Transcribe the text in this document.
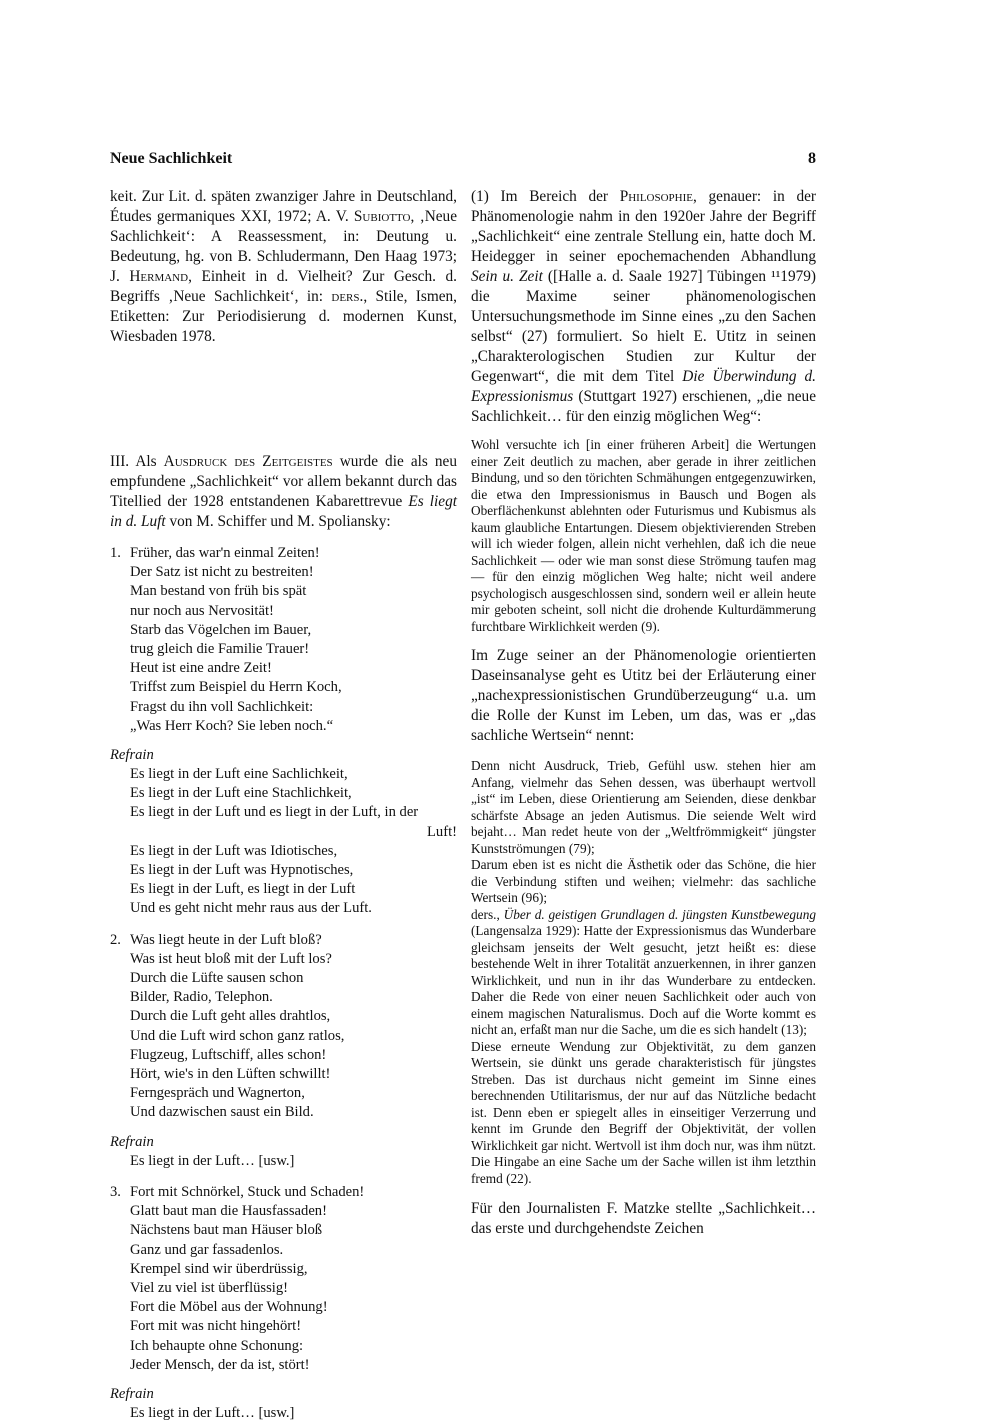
Neue Sachlichkeit	8

keit. Zur Lit. d. späten zwanziger Jahre in Deutschland, Études germaniques XXI, 1972; A. V. Subiotto, ‚Neue Sachlichkeit‘: A Reassessment, in: Deutung u. Bedeutung, hg. von B. Schludermann, Den Haag 1973; J. Hermand, Einheit in d. Vielheit? Zur Gesch. d. Begriffs ‚Neue Sachlichkeit‘, in: ders., Stile, Ismen, Etiketten: Zur Periodisierung d. modernen Kunst, Wiesbaden 1978.

III. Als Ausdruck des Zeitgeistes wurde die als neu empfundene „Sachlichkeit“ vor allem bekannt durch das Titellied der 1928 entstandenen Kabarettrevue Es liegt in d. Luft von M. Schiffer und M. Spoliansky:

1. Früher, das war'n einmal Zeiten!
Der Satz ist nicht zu bestreiten!
Man bestand von früh bis spät
nur noch aus Nervosität!
Starb das Vögelchen im Bauer,
trug gleich die Familie Trauer!
Heut ist eine andre Zeit!
Triffst zum Beispiel du Herrn Koch,
Fragst du ihn voll Sachlichkeit:
„Was Herr Koch? Sie leben noch.“
Refrain
Es liegt in der Luft eine Sachlichkeit,
Es liegt in der Luft eine Stachlichkeit,
Es liegt in der Luft und es liegt in der Luft, in der
Luft!
Es liegt in der Luft was Idiotisches,
Es liegt in der Luft was Hypnotisches,
Es liegt in der Luft, es liegt in der Luft
Und es geht nicht mehr raus aus der Luft.
2. Was liegt heute in der Luft bloß?
Was ist heut bloß mit der Luft los?
Durch die Lüfte sausen schon
Bilder, Radio, Telephon.
Durch die Luft geht alles drahtlos,
Und die Luft wird schon ganz ratlos,
Flugzeug, Luftschiff, alles schon!
Hört, wie's in den Lüften schwillt!
Ferngespräch und Wagnerton,
Und dazwischen saust ein Bild.
Refrain
Es liegt in der Luft… [usw.]
3. Fort mit Schnörkel, Stuck und Schaden!
Glatt baut man die Hausfassaden!
Nächstens baut man Häuser bloß
Ganz und gar fassadenlos.
Krempel sind wir überdrüssig,
Viel zu viel ist überflüssig!
Fort die Möbel aus der Wohnung!
Fort mit was nicht hingehört!
Ich behaupte ohne Schonung:
Jeder Mensch, der da ist, stört!
Refrain
Es liegt in der Luft… [usw.]

(1) Im Bereich der Philosophie, genauer: in der Phänomenologie nahm in den 1920er Jahre der Begriff „Sachlichkeit“ eine zentrale Stellung ein, hatte doch M. Heidegger in seiner epochemachenden Abhandlung Sein u. Zeit ([Halle a. d. Saale 1927] Tübingen ¹¹1979) die Maxime seiner phänomenologischen Untersuchungsmethode im Sinne eines „zu den Sachen selbst“ (27) formuliert. So hielt E. Utitz in seinen „Charakterologischen Studien zur Kultur der Gegenwart“, die mit dem Titel Die Überwindung d. Expressionismus (Stuttgart 1927) erschienen, „die neue Sachlichkeit… für den einzig möglichen Weg“:

Wohl versuchte ich [in einer früheren Arbeit] die Wertungen einer Zeit deutlich zu machen, aber gerade in ihrer zeitlichen Bindung, und so den törichten Schmähungen entgegenzuwirken, die etwa den Impressionismus in Bausch und Bogen als Oberflächenkunst ablehnten oder Futurismus und Kubismus als kaum glaubliche Entartungen. Diesem objektivierenden Streben will ich wieder folgen, allein nicht verhehlen, daß ich die neue Sachlichkeit — oder wie man sonst diese Strömung taufen mag — für den einzig möglichen Weg halte; nicht weil andere psychologisch ausgeschlossen sind, sondern weil er allein heute mir geboten scheint, soll nicht die drohende Kulturdämmerung furchtbare Wirklichkeit werden (9).

Im Zuge seiner an der Phänomenologie orientierten Daseinsanalyse geht es Utitz bei der Erläuterung einer „nachexpressionistischen Grundüberzeugung“ u.a. um die Rolle der Kunst im Leben, um das, was er „das sachliche Wertsein“ nennt:

Denn nicht Ausdruck, Trieb, Gefühl usw. stehen hier am Anfang, vielmehr das Sehen dessen, was überhaupt wertvoll „ist“ im Leben, diese Orientierung am Seienden, diese denkbar schärfste Absage an jeden Autismus. Die seiende Welt wird bejaht… Man redet heute von der „Weltfrömmigkeit“ jüngster Kunstströmungen (79);

Darum eben ist es nicht die Ästhetik oder das Schöne, die hier die Verbindung stiften und weihen; vielmehr: das sachliche Wertsein (96);

ders., Über d. geistigen Grundlagen d. jüngsten Kunstbewegung (Langensalza 1929): Hatte der Expressionismus das Wunderbare gleichsam jenseits der Welt gesucht, jetzt heißt es: diese bestehende Welt in ihrer Totalität anzuerkennen, in ihrer ganzen Wirklichkeit, und nun in ihr das Wunderbare zu entdecken. Daher die Rede von einer neuen Sachlichkeit oder auch von einem magischen Naturalismus. Doch auf die Worte kommt es nicht an, erfaßt man nur die Sache, um die es sich handelt (13);

Diese erneute Wendung zur Objektivität, zu dem ganzen Wertsein, sie dünkt uns gerade charakteristisch für jüngstes Streben. Das ist durchaus nicht gemeint im Sinne eines berechnenden Utilitarismus, der nur auf das Nützliche bedacht ist. Denn eben er spiegelt alles in einseitiger Verzerrung und kennt im Grunde den Begriff der Objektivität, der vollen Wirklichkeit gar nicht. Wertvoll ist ihm doch nur, was ihm nützt. Die Hingabe an eine Sache um der Sache willen ist ihm letzthin fremd (22).

Für den Journalisten F. Matzke stellte „Sachlichkeit… das erste und durchgehendste Zeichen
